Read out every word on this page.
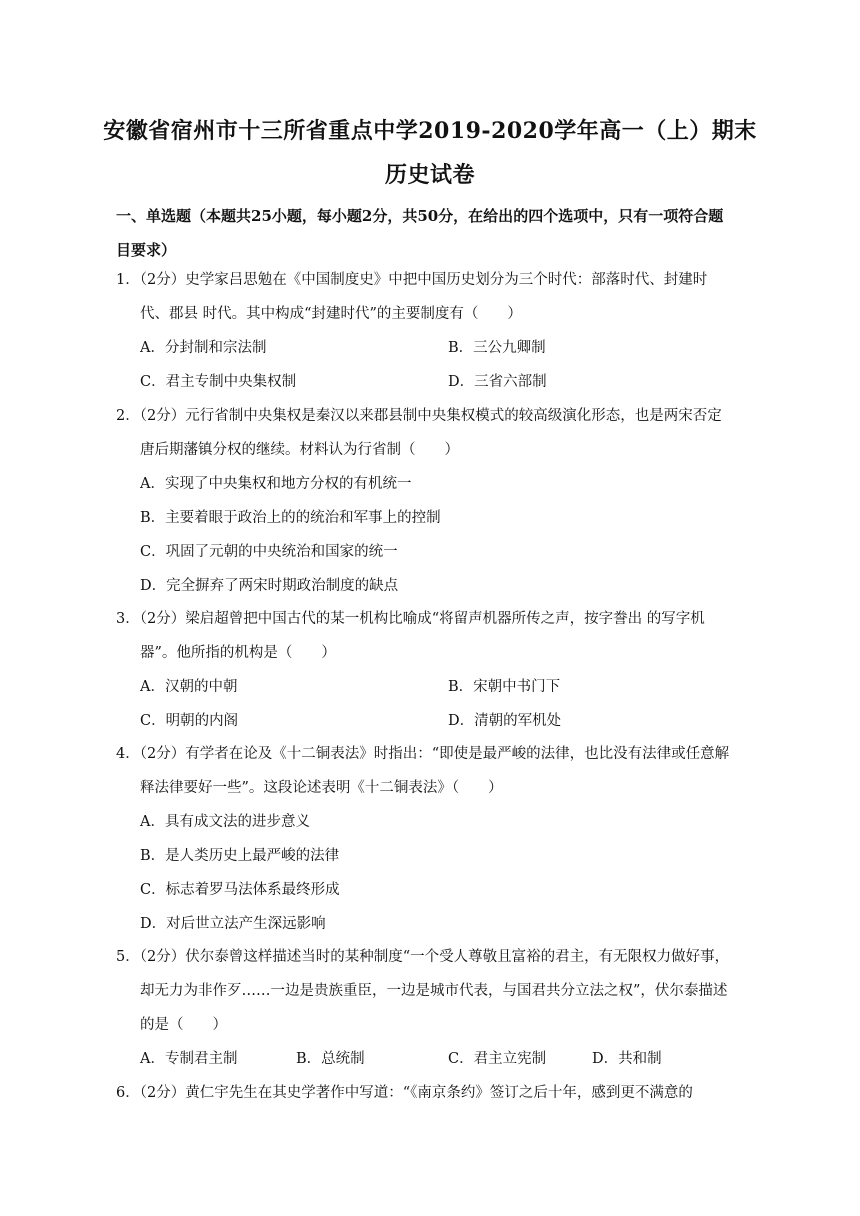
安徽省宿州市十三所省重点中学2019-2020学年高一（上）期末
历史试卷
一、单选题（本题共25小题，每小题2分，共50分，在给出的四个选项中，只有一项符合题目要求）
1．（2分）史学家吕思勉在《中国制度史》中把中国历史划分为三个时代：部落时代、封建时代、郡县 时代。其中构成“封建时代”的主要制度有（　　）
A．分封制和宗法制	B．三公九卿制
C．君主专制中央集权制	D．三省六部制
2．（2分）元行省制中央集权是秦汉以来郡县制中央集权模式的较高级演化形态，也是两宋否定唐后期藩镇分权的继续。材料认为行省制（　　）
A．实现了中央集权和地方分权的有机统一
B．主要着眼于政治上的的统治和军事上的控制
C．巩固了元朝的中央统治和国家的统一
D．完全摒弃了两宋时期政治制度的缺点
3．（2分）梁启超曾把中国古代的某一机构比喻成“将留声机器所传之声，按字誊出 的写字机器”。他所指的机构是（　　）
A．汉朝的中朝	B．宋朝中书门下
C．明朝的内阁	D．清朝的军机处
4．（2分）有学者在论及《十二铜表法》时指出：“即使是最严峻的法律，也比没有法律或任意解释法律要好一些”。这段论述表明《十二铜表法》（　　）
A．具有成文法的进步意义
B．是人类历史上最严峻的法律
C．标志着罗马法体系最终形成
D．对后世立法产生深远影响
5．（2分）伏尔泰曾这样描述当时的某种制度“一个受人尊敬且富裕的君主，有无限权力做好事，却无力为非作歹……一边是贵族重臣，一边是城市代表，与国君共分立法之权”，伏尔泰描述的是（　　）
A．专制君主制	B．总统制	C．君主立宪制	D．共和制
6．（2分）黄仁宇先生在其史学著作中写道：“《南京条约》签订之后十年，感到更不满意的
